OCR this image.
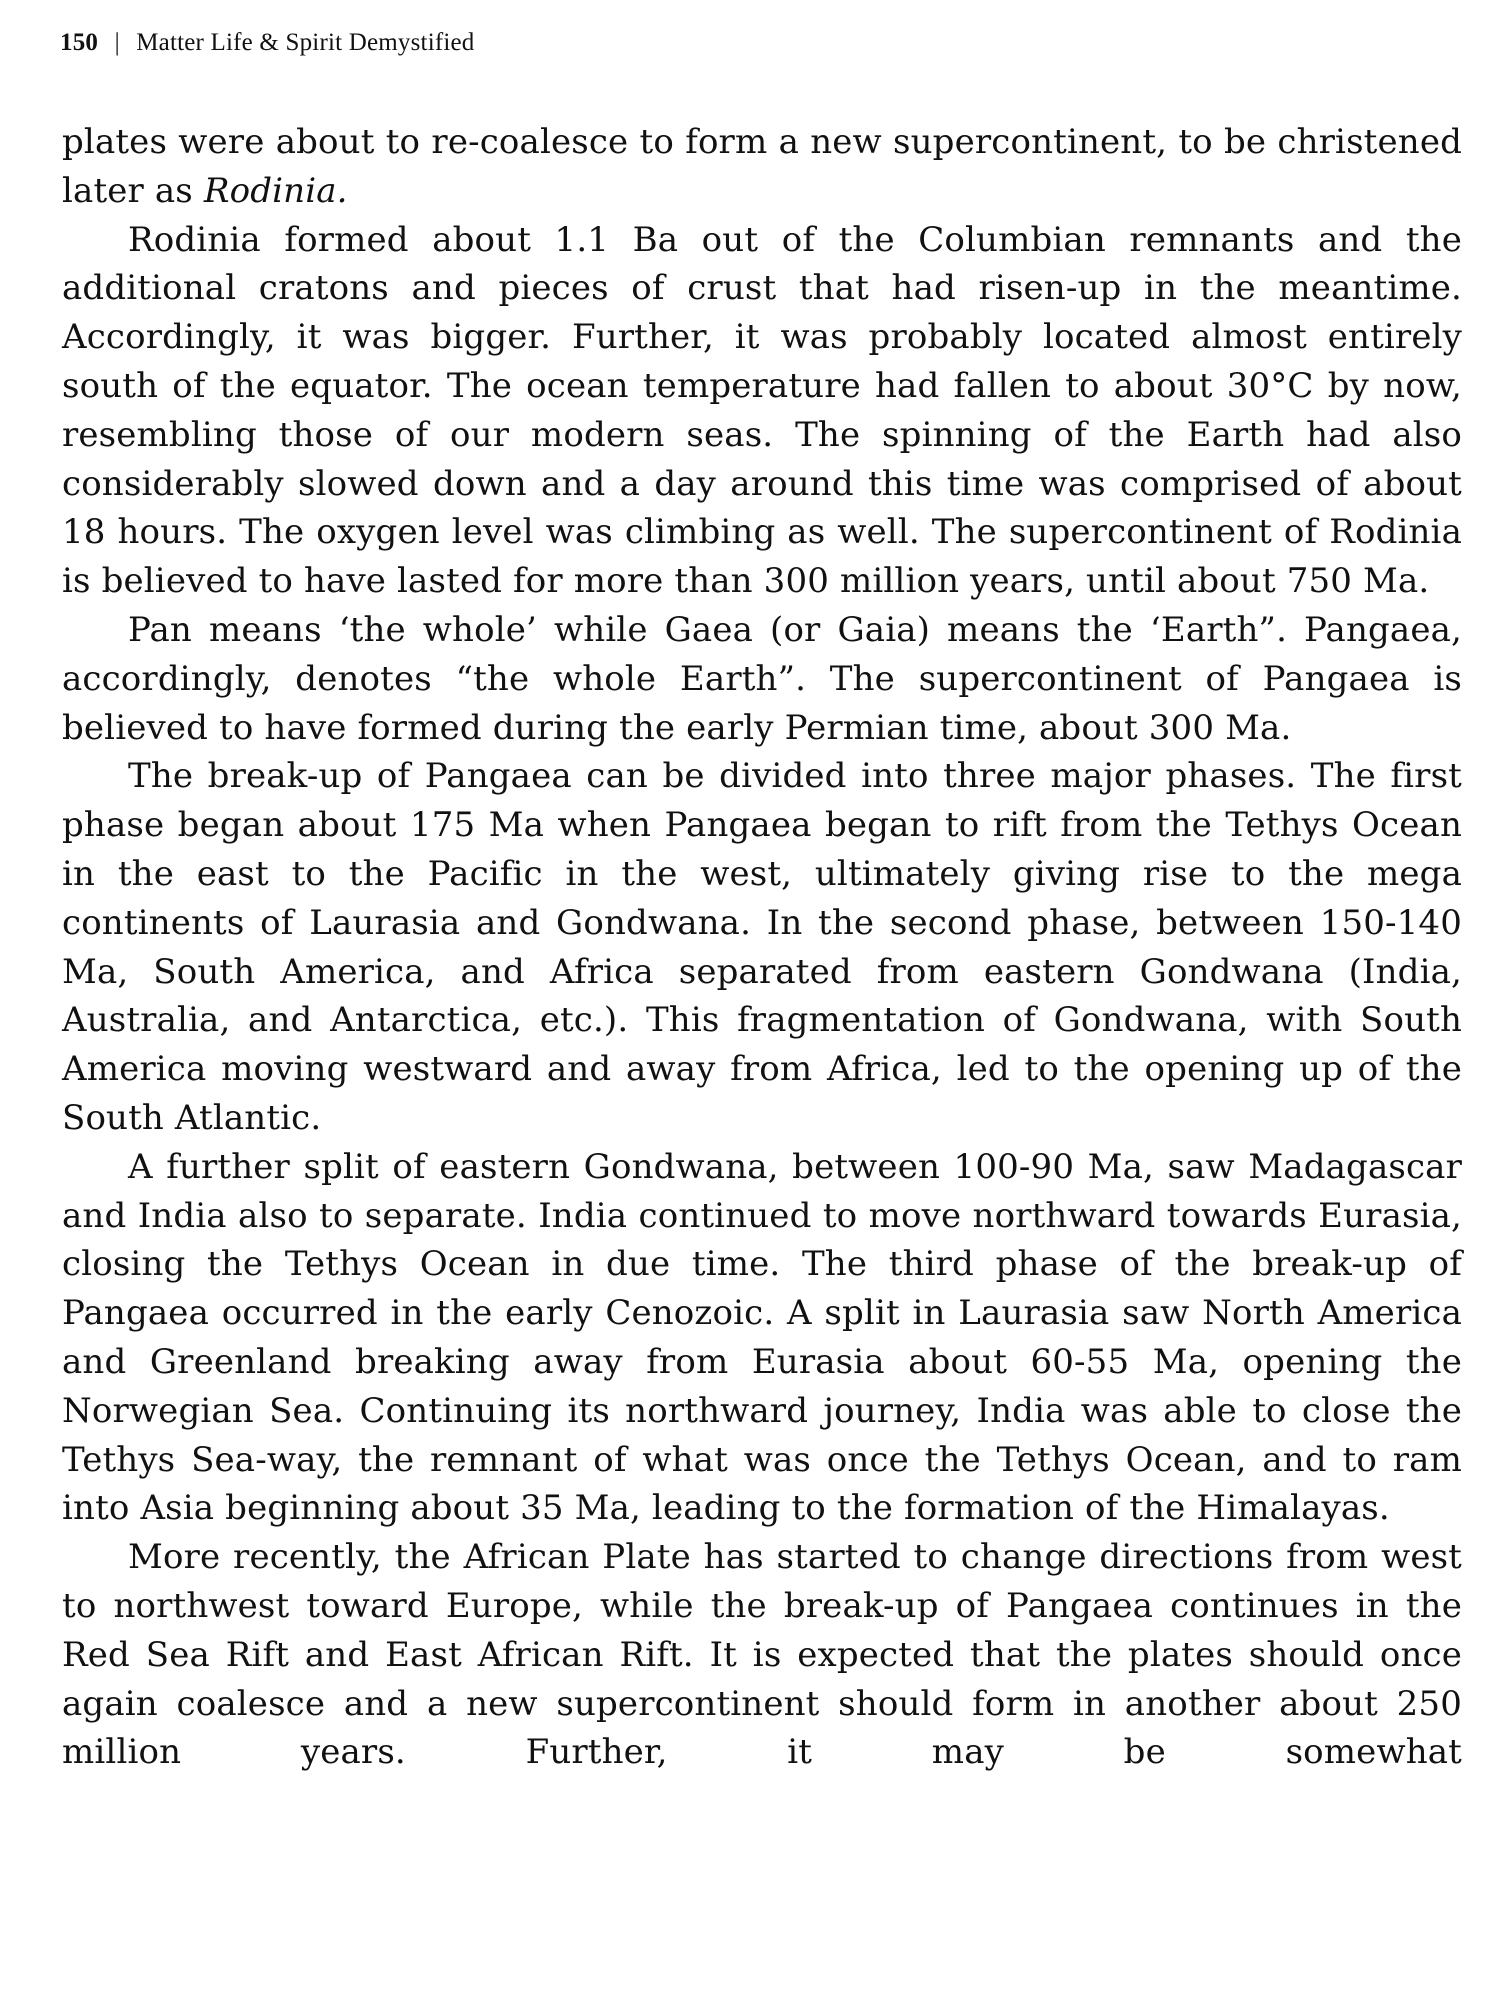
150 | Matter Life & Spirit Demystified

plates were about to re-coalesce to form a new supercontinent, to be christened later as Rodinia.

Rodinia formed about 1.1 Ba out of the Columbian remnants and the additional cratons and pieces of crust that had risen-up in the meantime. Accordingly, it was bigger. Further, it was probably located almost entirely south of the equator. The ocean temperature had fallen to about 30°C by now, resembling those of our modern seas. The spinning of the Earth had also considerably slowed down and a day around this time was comprised of about 18 hours. The oxygen level was climbing as well. The supercontinent of Rodinia is believed to have lasted for more than 300 million years, until about 750 Ma.

Pan means ‘the whole’ while Gaea (or Gaia) means the ‘Earth”. Pangaea, accordingly, denotes “the whole Earth”. The supercontinent of Pangaea is believed to have formed during the early Permian time, about 300 Ma.

The break-up of Pangaea can be divided into three major phases. The first phase began about 175 Ma when Pangaea began to rift from the Tethys Ocean in the east to the Pacific in the west, ultimately giving rise to the mega continents of Laurasia and Gondwana. In the second phase, between 150-140 Ma, South America, and Africa separated from eastern Gondwana (India, Australia, and Antarctica, etc.). This fragmentation of Gondwana, with South America moving westward and away from Africa, led to the opening up of the South Atlantic.

A further split of eastern Gondwana, between 100-90 Ma, saw Madagascar and India also to separate. India continued to move northward towards Eurasia, closing the Tethys Ocean in due time. The third phase of the break-up of Pangaea occurred in the early Cenozoic. A split in Laurasia saw North America and Greenland breaking away from Eurasia about 60-55 Ma, opening the Norwegian Sea. Continuing its northward journey, India was able to close the Tethys Sea-way, the remnant of what was once the Tethys Ocean, and to ram into Asia beginning about 35 Ma, leading to the formation of the Himalayas.

More recently, the African Plate has started to change directions from west to northwest toward Europe, while the break-up of Pangaea continues in the Red Sea Rift and East African Rift. It is expected that the plates should once again coalesce and a new supercontinent should form in another about 250 million years. Further, it may be somewhat
